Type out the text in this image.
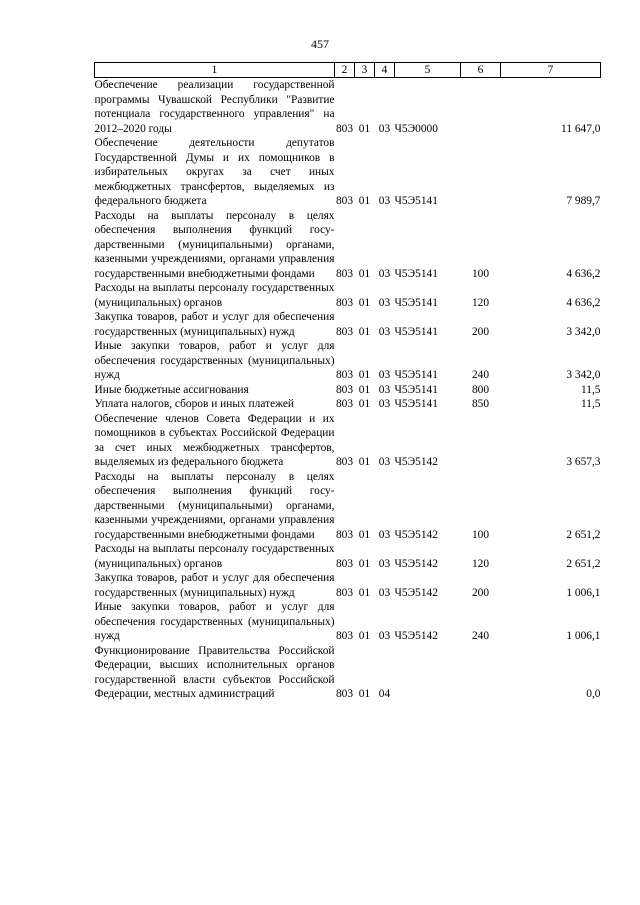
457
1	2	3	4	5	6	7
Обеспечение реализации государственной программы Чувашской Республики "Развитие потенциала государственного управления" на 2012–2020 годы	803	01	03	Ч5Э0000		11 647,0
Обеспечение деятельности депутатов Государственной Думы и их помощников в избирательных округах за счет иных межбюджетных трансфертов, выделяемых из федерального бюджета	803	01	03	Ч5Э5141		7 989,7
Расходы на выплаты персоналу в целях обеспечения выполнения функций государственными (муниципальными) органами, казенными учреждениями, органами управления государственными внебюджетными фондами	803	01	03	Ч5Э5141	100	4 636,2
Расходы на выплаты персоналу государственных (муниципальных) органов	803	01	03	Ч5Э5141	120	4 636,2
Закупка товаров, работ и услуг для обеспечения государственных (муниципальных) нужд	803	01	03	Ч5Э5141	200	3 342,0
Иные закупки товаров, работ и услуг для обеспечения государственных (муниципальных) нужд	803	01	03	Ч5Э5141	240	3 342,0
Иные бюджетные ассигнования	803	01	03	Ч5Э5141	800	11,5
Уплата налогов, сборов и иных платежей	803	01	03	Ч5Э5141	850	11,5
Обеспечение членов Совета Федерации и их помощников в субъектах Российской Федерации за счет иных межбюджетных трансфертов, выделяемых из федерального бюджета	803	01	03	Ч5Э5142		3 657,3
Расходы на выплаты персоналу в целях обеспечения выполнения функций государственными (муниципальными) органами, казенными учреждениями, органами управления государственными внебюджетными фондами	803	01	03	Ч5Э5142	100	2 651,2
Расходы на выплаты персоналу государственных (муниципальных) органов	803	01	03	Ч5Э5142	120	2 651,2
Закупка товаров, работ и услуг для обеспечения государственных (муниципальных) нужд	803	01	03	Ч5Э5142	200	1 006,1
Иные закупки товаров, работ и услуг для обеспечения государственных (муниципальных) нужд	803	01	03	Ч5Э5142	240	1 006,1
Функционирование Правительства Российской Федерации, высших исполнительных органов государственной власти субъектов Российской Федерации, местных администраций	803	01	04			0,0
